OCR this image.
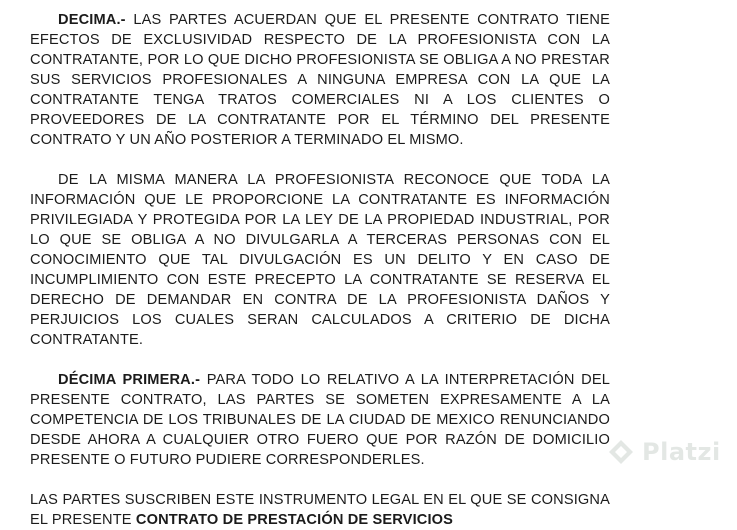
DECIMA.- LAS PARTES ACUERDAN QUE EL PRESENTE CONTRATO TIENE EFECTOS DE EXCLUSIVIDAD RESPECTO DE LA PROFESIONISTA CON LA CONTRATANTE, POR LO QUE DICHO PROFESIONISTA SE OBLIGA A NO PRESTAR SUS SERVICIOS PROFESIONALES A NINGUNA EMPRESA CON LA QUE LA CONTRATANTE TENGA TRATOS COMERCIALES NI A LOS CLIENTES O PROVEEDORES DE LA CONTRATANTE POR EL TÉRMINO DEL PRESENTE CONTRATO Y UN AÑO POSTERIOR A TERMINADO EL MISMO.

DE LA MISMA MANERA LA PROFESIONISTA RECONOCE QUE TODA LA INFORMACIÓN QUE LE PROPORCIONE LA CONTRATANTE ES INFORMACIÓN PRIVILEGIADA Y PROTEGIDA POR LA LEY DE LA PROPIEDAD INDUSTRIAL, POR LO QUE SE OBLIGA A NO DIVULGARLA A TERCERAS PERSONAS CON EL CONOCIMIENTO QUE TAL DIVULGACIÓN ES UN DELITO Y EN CASO DE INCUMPLIMIENTO CON ESTE PRECEPTO LA CONTRATANTE SE RESERVA EL DERECHO DE DEMANDAR EN CONTRA DE LA PROFESIONISTA DAÑOS Y PERJUICIOS LOS CUALES SERAN CALCULADOS A CRITERIO DE DICHA CONTRATANTE.

DÉCIMA PRIMERA.- PARA TODO LO RELATIVO A LA INTERPRETACIÓN DEL PRESENTE CONTRATO, LAS PARTES SE SOMETEN EXPRESAMENTE A LA COMPETENCIA DE LOS TRIBUNALES DE LA CIUDAD DE MEXICO RENUNCIANDO DESDE AHORA A CUALQUIER OTRO FUERO QUE POR RAZÓN DE DOMICILIO PRESENTE O FUTURO PUDIERE CORRESPONDERLES.

LAS PARTES SUSCRIBEN ESTE INSTRUMENTO LEGAL EN EL QUE SE CONSIGNA EL PRESENTE CONTRATO DE PRESTACIÓN DE SERVICIOS

Platzi
